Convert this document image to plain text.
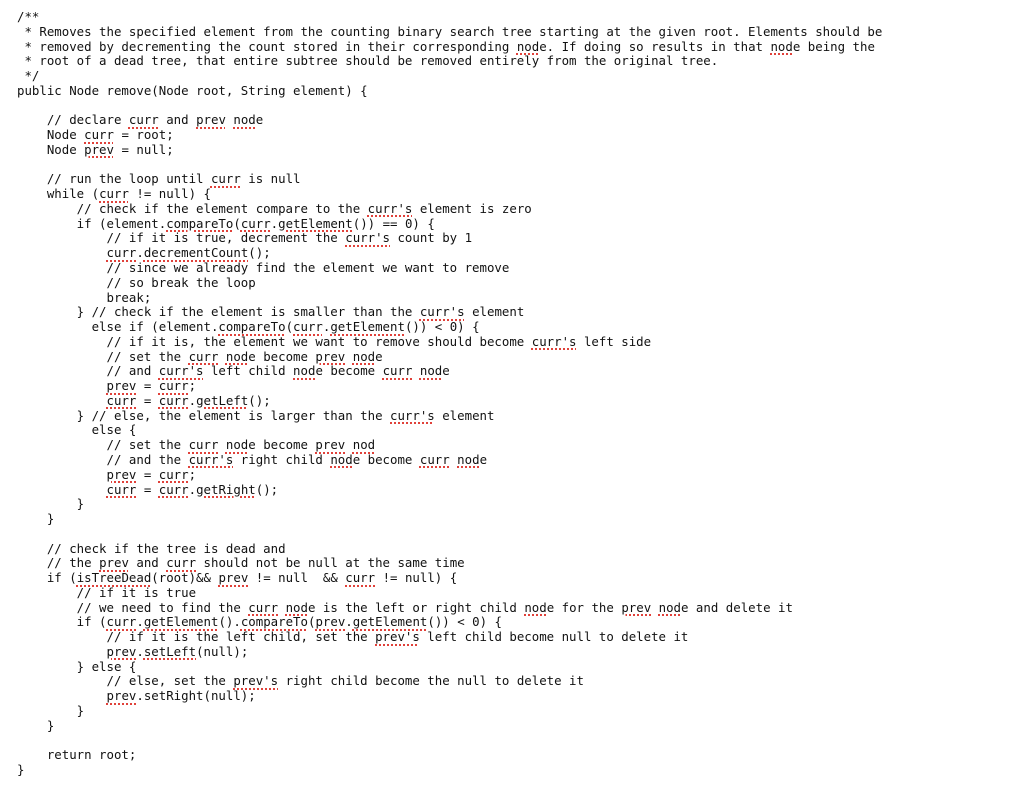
/**
* Removes the specified element from the counting binary search tree starting at the given root. Elements should be
* removed by decrementing the count stored in their corresponding node. If doing so results in that node being the
* root of a dead tree, that entire subtree should be removed entirely from the original tree.
*/
public Node remove(Node root, String element) {
// declare curr and prev node
Node curr = root;
Node prev = null;
// run the loop until curr is null
while (curr != null) {
// check if the element compare to the curr's element is zero
if (element.compareTo(curr.getElement()) == 0) {
// if it is true, decrement the curr's count by 1
curr.decrementCount();
// since we already find the element we want to remove
// so break the loop
break;
} // check if the element is smaller than the curr's element
else if (element.compareTo(curr.getElement()) < 0) {
// if it is, the element we want to remove should become curr's left side
// set the curr node become prev node
// and curr's left child node become curr node
prev = curr;
curr = curr.getLeft();
} // else, the element is larger than the curr's element
else {
// set the curr node become prev nod
// and the curr's right child node become curr node
prev = curr;
curr = curr.getRight();
}
}
// check if the tree is dead and
// the prev and curr should not be null at the same time
if (isTreeDead(root)&& prev != null  && curr != null) {
// if it is true
// we need to find the curr node is the left or right child node for the prev node and delete it
if (curr.getElement().compareTo(prev.getElement()) < 0) {
// if it is the left child, set the prev's left child become null to delete it
prev.setLeft(null);
} else {
// else, set the prev's right child become the null to delete it
prev.setRight(null);
}
}
return root;
}
